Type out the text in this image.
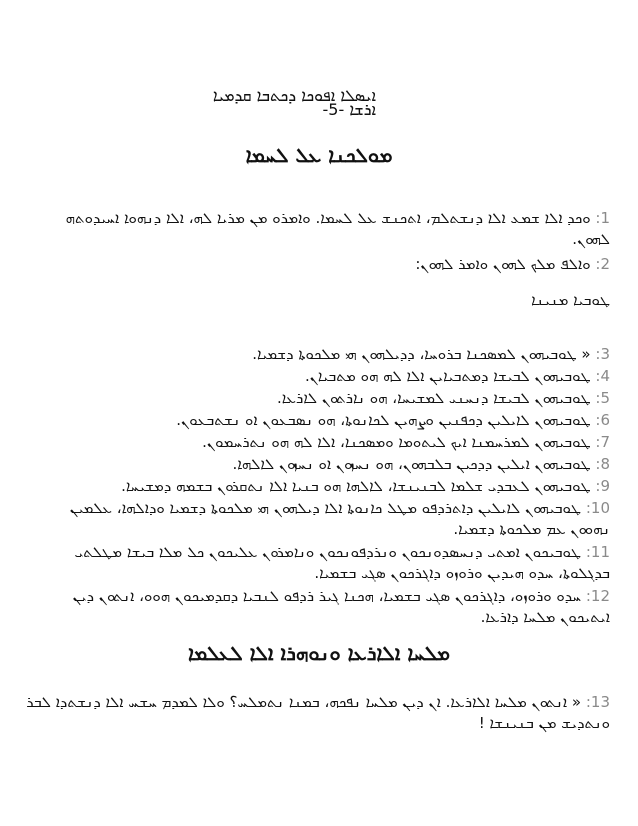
ܐܝܣܠܐ ܐܦܘܟܐ ܕܟܬܒܐ ܩܕܡܝܐ
ܐܪܫܐ -5-
ܡܘܠܟܢܐ ܥܠ ܠܚܡܐ
1: ܘܟܕ ܐܠܐ ܫܡܥ ܐܠܐ ܕܢܫܬܠܡ، ܐܬܟܢܫ ܥܠ ܠܚܡܐ. ܘܐܡܪܘ ܡܢ ܡܪܝܐ ܠܗ، ܐܠܐ ܕܢܗܘܐ ܐܚܝܕܘܬܗ ܠܗܘܢ.
2: ܘܐܠܦ ܡܠܟ ܠܗܘܢ ܘܐܡܪ ܠܗܘܢ:
ܛܘܒܝܐ ܡܢܝܢܐ
3: « ܛܘܒܝܗܘܢ ܠܡܣܟܢܐ ܒܪܘܚܐ، ܕܕܝܠܗܘܢ ܗܝ ܡܠܟܘܬܐ ܕܫܡܝܐ.
4: ܛܘܒܝܗܘܢ ܠܒܝܫܐ ܕܡܬܒܝܐܝܢ ܐܠܐ ܠܗ ܗܘ ܡܬܒܝܐܢ.
5: ܛܘܒܝܗܘܢ ܠܒܝܫܐ ܕܢܚܢܝ ܠܡܫܝܚܐ، ܗܘ ܢܐܪܬܘܢ ܠܐܪܥܐ.
6: ܛܘܒܝܗܘܢ ܠܐܝܠܝܢ ܕܟܦܢܝܢ ܘܨܗܝܢ ܠܟܐܢܘܬܐ، ܗܘ ܢܣܒܥܘܢ ܐܘ ܢܫܬܒܥܘܢ.
7: ܛܘܒܝܗܘܢ ܠܡܪܚܡܢܐ ܐܝܟ ܠܝܬܘܡܐ ܘܡܣܟܢܐ، ܐܠܐ ܠܗ ܗܘ ܢܬܪܚܡܘܢ.
8: ܛܘܒܝܗܘܢ ܐܝܠܝܢ ܕܕܟܝܢ ܒܠܒܗܘܢ، ܗܘ ܢܚܙܘܢ ܐܘ ܢܚܙܘܢ ܠܐܠܗܐ.
9: ܛܘܒܝܗܘܢ ܠܥܒܕܝ ܫܠܡܐ ܠܒܢܝܢܫܐ، ܠܐܠܗܐ ܗܘ ܒܢܝܐ ܐܠܐ ܢܬܩܪܘܢ ܒܫܡܗ ܕܡܫܝܚܐ.
10: ܛܘܒܝܗܘܢ ܠܐܝܠܝܢ ܕܐܬܪܕܦܘ ܡܛܠ ܟܐܢܘܬܐ ܐܠܐ ܕܝܠܗܘܢ ܗܝ ܡܠܟܘܬܐ ܕܫܡܝܐ ܘܕܐܠܗܐ، ܥܠܡܝܢ ܢܗܘܘܢ ܥܡ ܡܠܟܘܬܐ ܕܫܡܝܐ.
11: ܛܘܒܝܟܘܢ ܐܡܬܝ ܕܢܚܣܕܘܢܟܘܢ ܘܢܪܕܦܘܢܟܘܢ ܘܢܐܡܪܘܢ ܥܠܝܟܘܢ ܟܠ ܡܠܐ ܒܝܫܐ ܡܛܠܬܝ ܒܕܓܠܘܬܐ، ܚܕܘ ܗܝܕܝܢ ܘܪܘܙܘ ܕܐܓܪܟܘܢ ܣܓܝ ܒܫܡܝܐ.
12: ܚܕܘ ܘܪܘܙܘ، ܕܐܓܪܟܘܢ ܣܓܝ ܒܫܡܝܐ، ܗܟܢܐ ܓܝܪ ܪܕܦܘ ܠܢܒܝܐ ܕܩܕܡܝܟܘܢ ܗܘܘ، ܐܢܬܘܢ ܕܝܢ ܐܝܬܝܟܘܢ ܡܠܚܐ ܕܐܪܥܐ.
ܡܠܚܐ ܐܠܐܪܥܐ ܘܢܘܗܪܐ ܐܠܐ ܠܥܠܡܐ
13: « ܐܢܬܘܢ ܡܠܚܐ ܐܠܐܪܥܐ. ܐܢ ܕܝܢ ܡܠܚܐ ܢܦܟܗ، ܒܡܢܐ ܢܬܡܠܚ؟ ܘܠܐ ܠܡܕܡ ܚܫܚ ܐܠܐ ܕܢܫܬܕܐ ܠܒܪ ܘܢܬܕܝܫ ܡܢ ܒܢܝܢܫܐ !
